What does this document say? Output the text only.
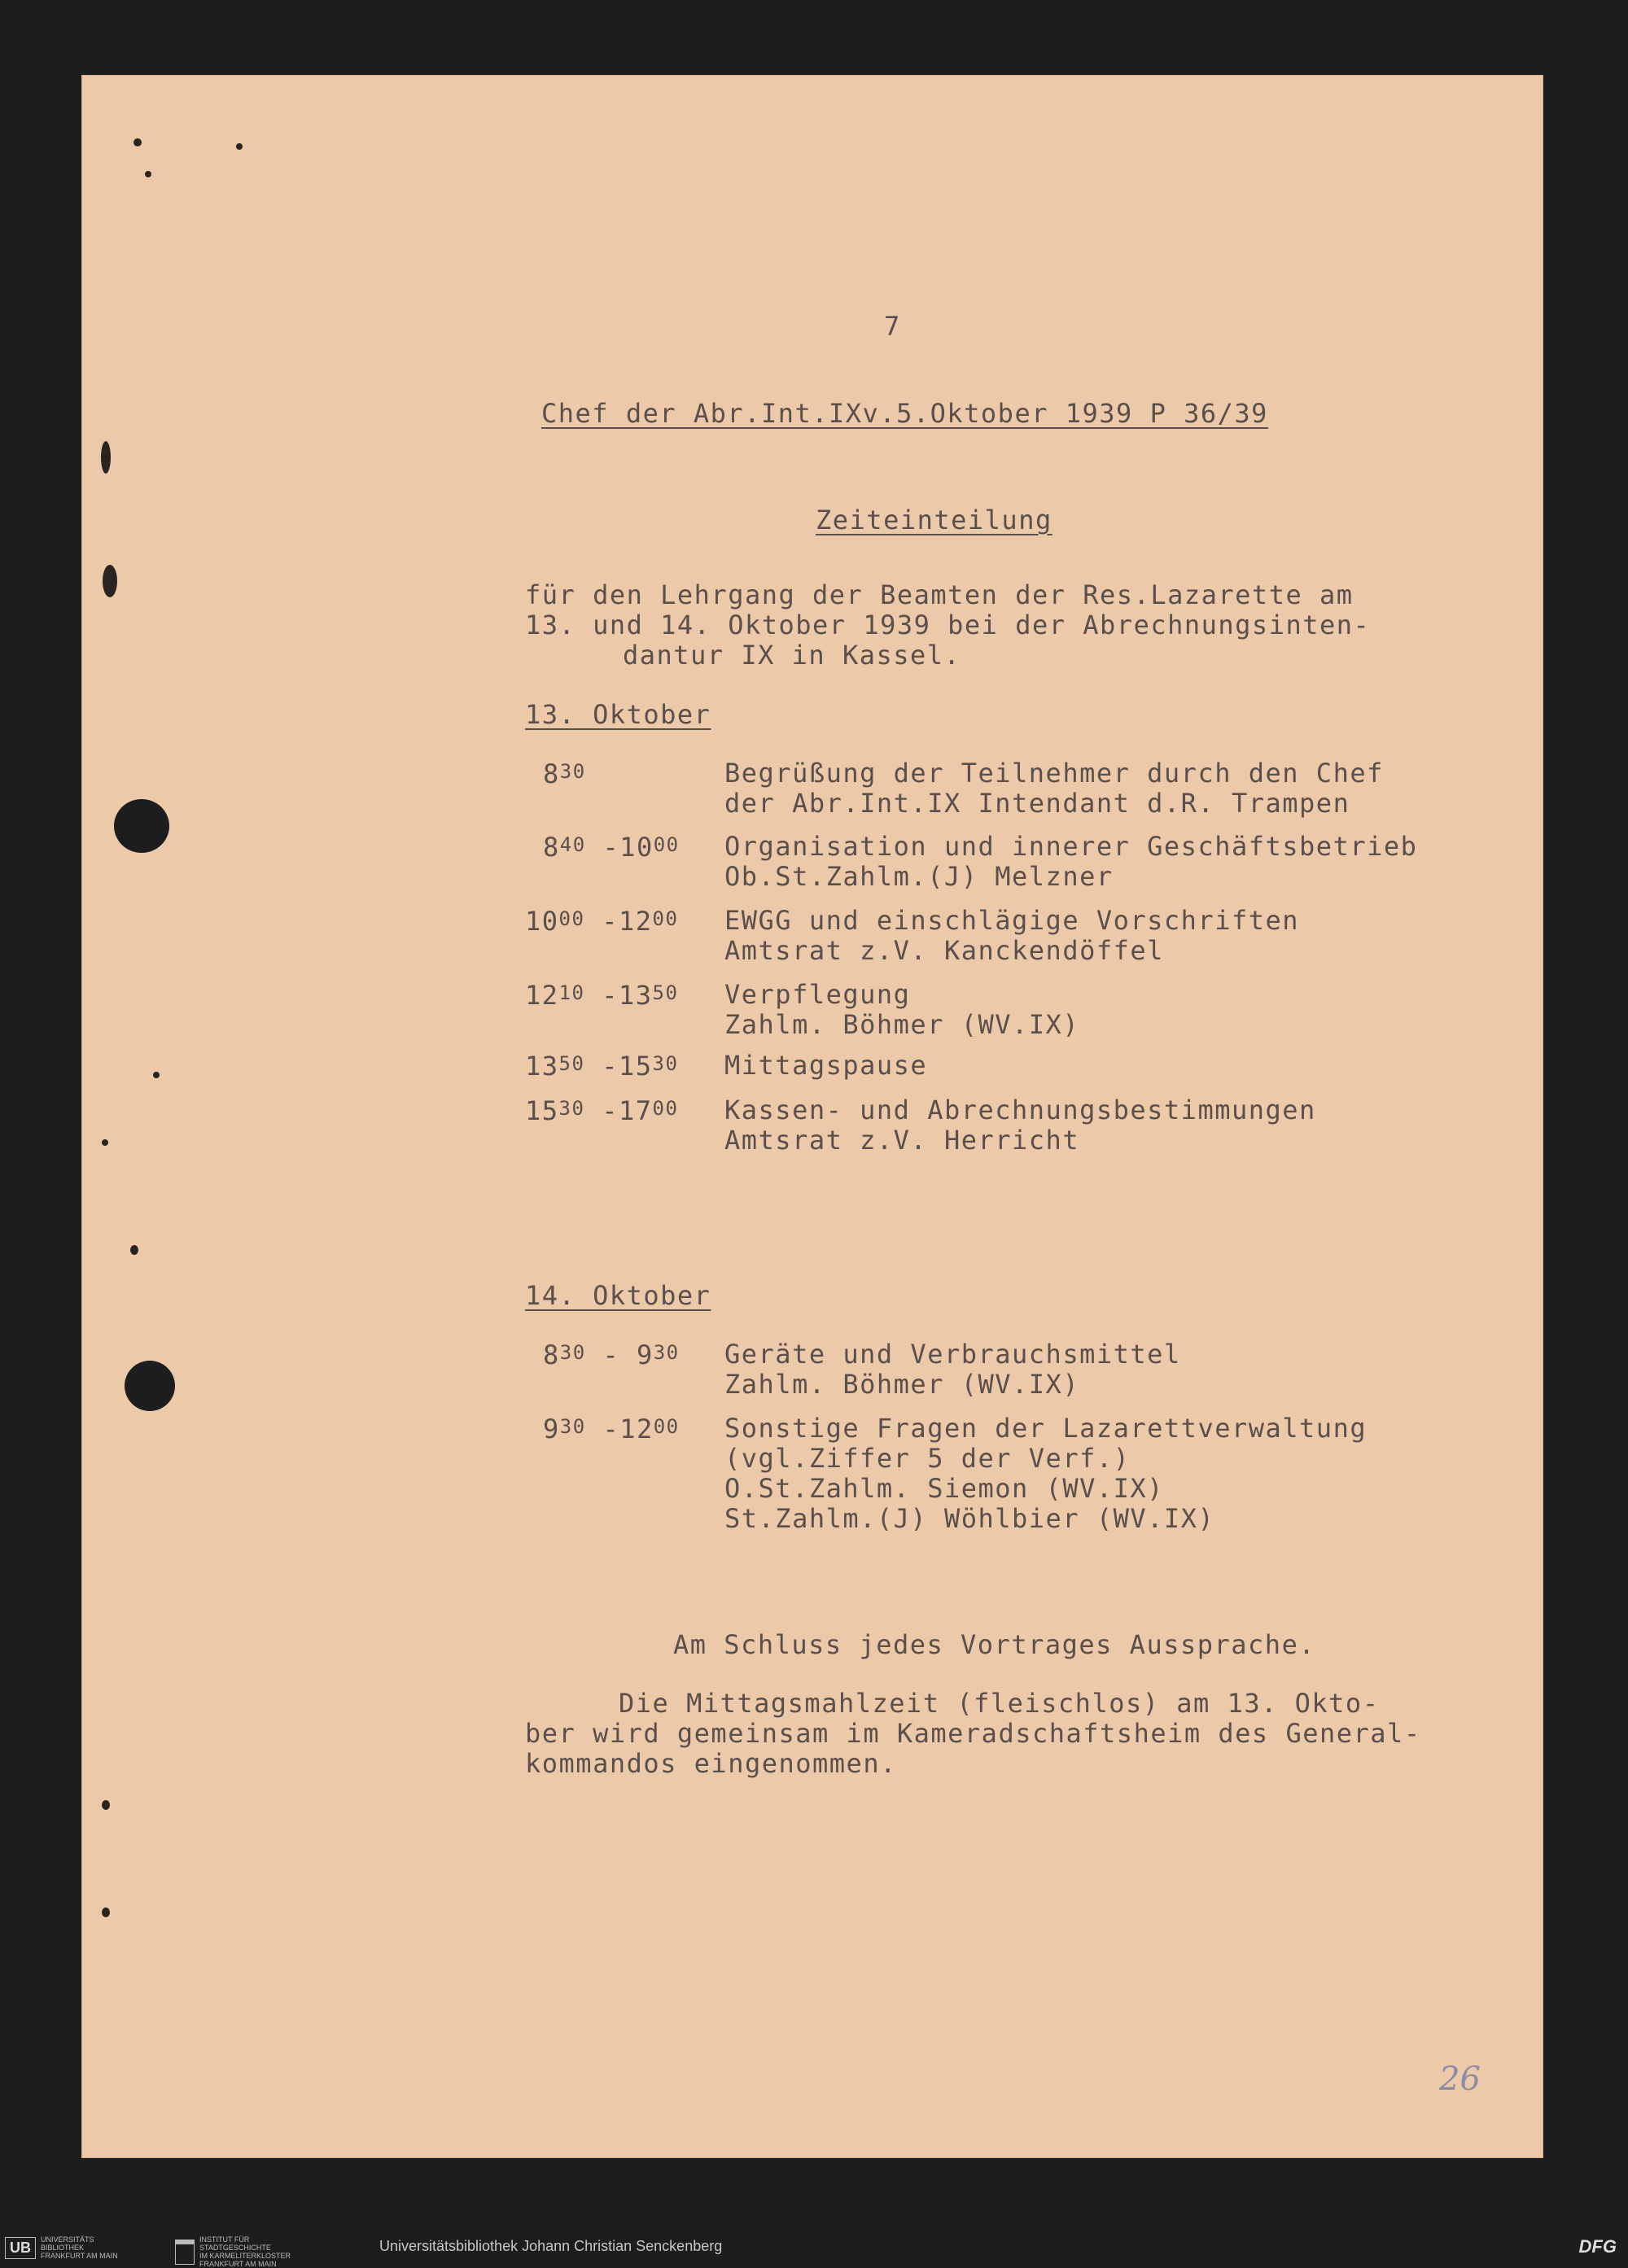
7
Chef der Abr.Int.IXv.5.Oktober 1939 P 36/39
Zeiteinteilung
für den Lehrgang der Beamten der Res.Lazarette am
13. und 14. Oktober 1939 bei der Abrechnungsinten-
dantur IX in Kassel.
13. Oktober
$8^{30}$	Begrüßung der Teilnehmer durch den Chef
der Abr.Int.IX Intendant d.R. Trampen
$8^{40}$ $-10^{00}$ Organisation und innerer Geschäftsbetrieb
Ob.St.Zahlm.(J) Melzner
$10^{00}$ $-12^{00}$ EWGG und einschlägige Vorschriften
Amtsrat z.V. Kanckendöffel
$12^{10}$ $-13^{50}$ Verpflegung
Zahlm. Böhmer (WV.IX)
$13^{50}$ $-15^{30}$ Mittagspause
$15^{30}$ $-17^{00}$ Kassen- und Abrechnungsbestimmungen
Amtsrat z.V. Herricht
14. Oktober
$8^{30} - 9^{30}$ Geräte und Verbrauchsmittel
Zahlm. Böhmer (WV.IX)
$9^{30}$ $-12^{00}$ Sonstige Fragen der Lazarettverwaltung
(vgl.Ziffer 5 der Verf.)
O.St.Zahlm. Siemon (WV.IX)
St.Zahlm.(J) Wöhlbier (WV.IX)
Am Schluss jedes Vortrages Aussprache.
Die Mittagsmahlzeit (fleischlos) am 13. Okto-
ber wird gemeinsam im Kameradschaftsheim des General-
kommandos eingenommen.
26
UB	UNIVERSITÄTS
BIBLIOTHEK
FRANKFURT AM MAIN
INSTITUT FÜR
STADTGESCHICHTE
IM KARMELITERKLOSTER
FRANKFURT AM MAIN
Universitätsbibliothek Johann Christian Senckenberg	DFG
